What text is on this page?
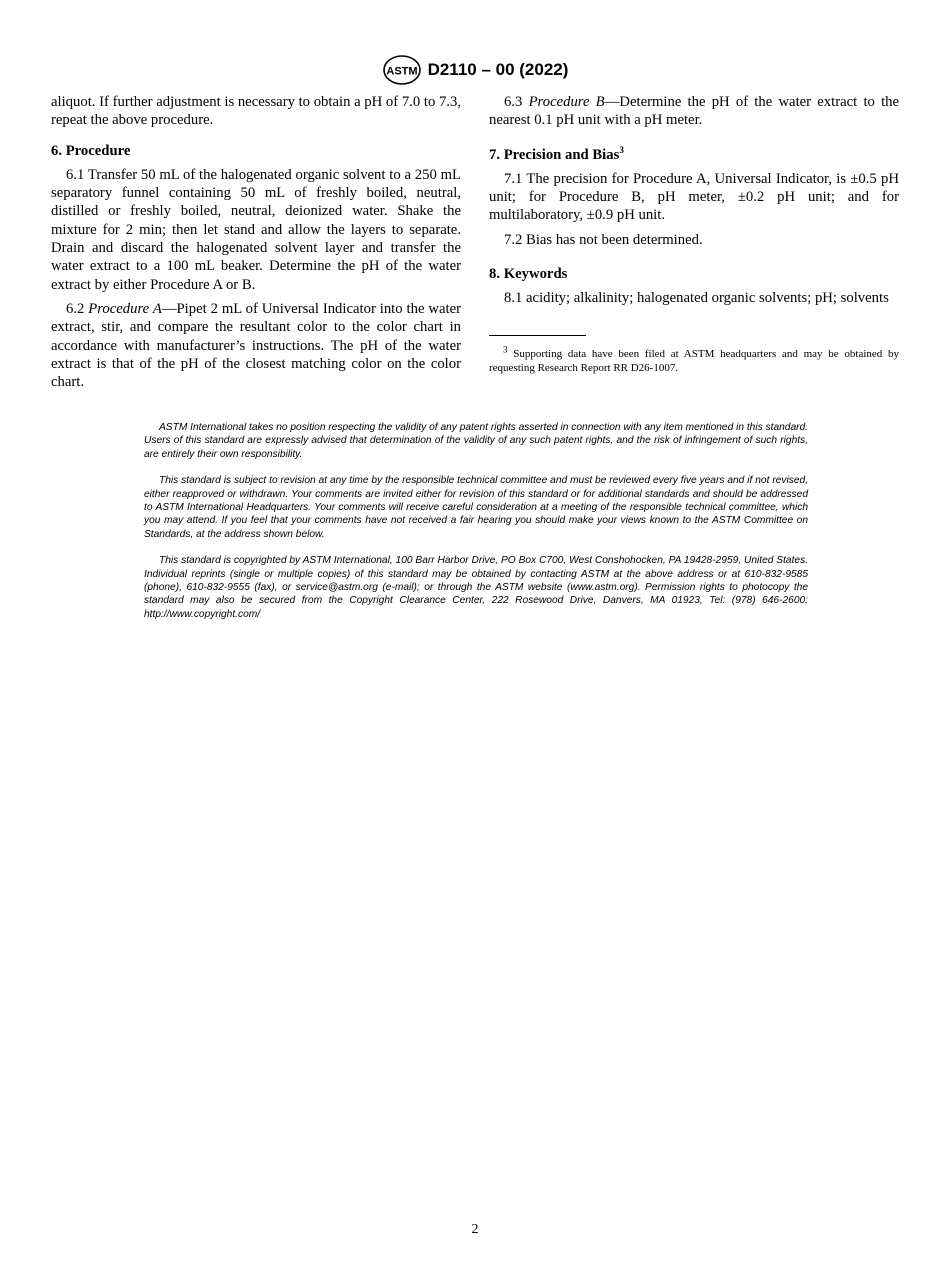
ASTM D2110 – 00 (2022)

aliquot. If further adjustment is necessary to obtain a pH of 7.0 to 7.3, repeat the above procedure.

6. Procedure

6.1 Transfer 50 mL of the halogenated organic solvent to a 250 mL separatory funnel containing 50 mL of freshly boiled, neutral, distilled or freshly boiled, neutral, deionized water. Shake the mixture for 2 min; then let stand and allow the layers to separate. Drain and discard the halogenated solvent layer and transfer the water extract to a 100 mL beaker. Determine the pH of the water extract by either Procedure A or B.

6.2 Procedure A—Pipet 2 mL of Universal Indicator into the water extract, stir, and compare the resultant color to the color chart in accordance with manufacturer’s instructions. The pH of the water extract is that of the pH of the closest matching color on the color chart.

6.3 Procedure B—Determine the pH of the water extract to the nearest 0.1 pH unit with a pH meter.

7. Precision and Bias$^3$

7.1 The precision for Procedure A, Universal Indicator, is ±0.5 pH unit; for Procedure B, pH meter, ±0.2 pH unit; and for multilaboratory, ±0.9 pH unit.

7.2 Bias has not been determined.

8. Keywords

8.1 acidity; alkalinity; halogenated organic solvents; pH; solvents

$^3$ Supporting data have been filed at ASTM headquarters and may be obtained by requesting Research Report RR D26-1007.

ASTM International takes no position respecting the validity of any patent rights asserted in connection with any item mentioned in this standard. Users of this standard are expressly advised that determination of the validity of any such patent rights, and the risk of infringement of such rights, are entirely their own responsibility.

This standard is subject to revision at any time by the responsible technical committee and must be reviewed every five years and if not revised, either reapproved or withdrawn. Your comments are invited either for revision of this standard or for additional standards and should be addressed to ASTM International Headquarters. Your comments will receive careful consideration at a meeting of the responsible technical committee, which you may attend. If you feel that your comments have not received a fair hearing you should make your views known to the ASTM Committee on Standards, at the address shown below.

This standard is copyrighted by ASTM International, 100 Barr Harbor Drive, PO Box C700, West Conshohocken, PA 19428-2959, United States. Individual reprints (single or multiple copies) of this standard may be obtained by contacting ASTM at the above address or at 610-832-9585 (phone), 610-832-9555 (fax), or service@astm.org (e-mail); or through the ASTM website (www.astm.org). Permission rights to photocopy the standard may also be secured from the Copyright Clearance Center, 222 Rosewood Drive, Danvers, MA 01923, Tel: (978) 646-2600; http://www.copyright.com/

2
